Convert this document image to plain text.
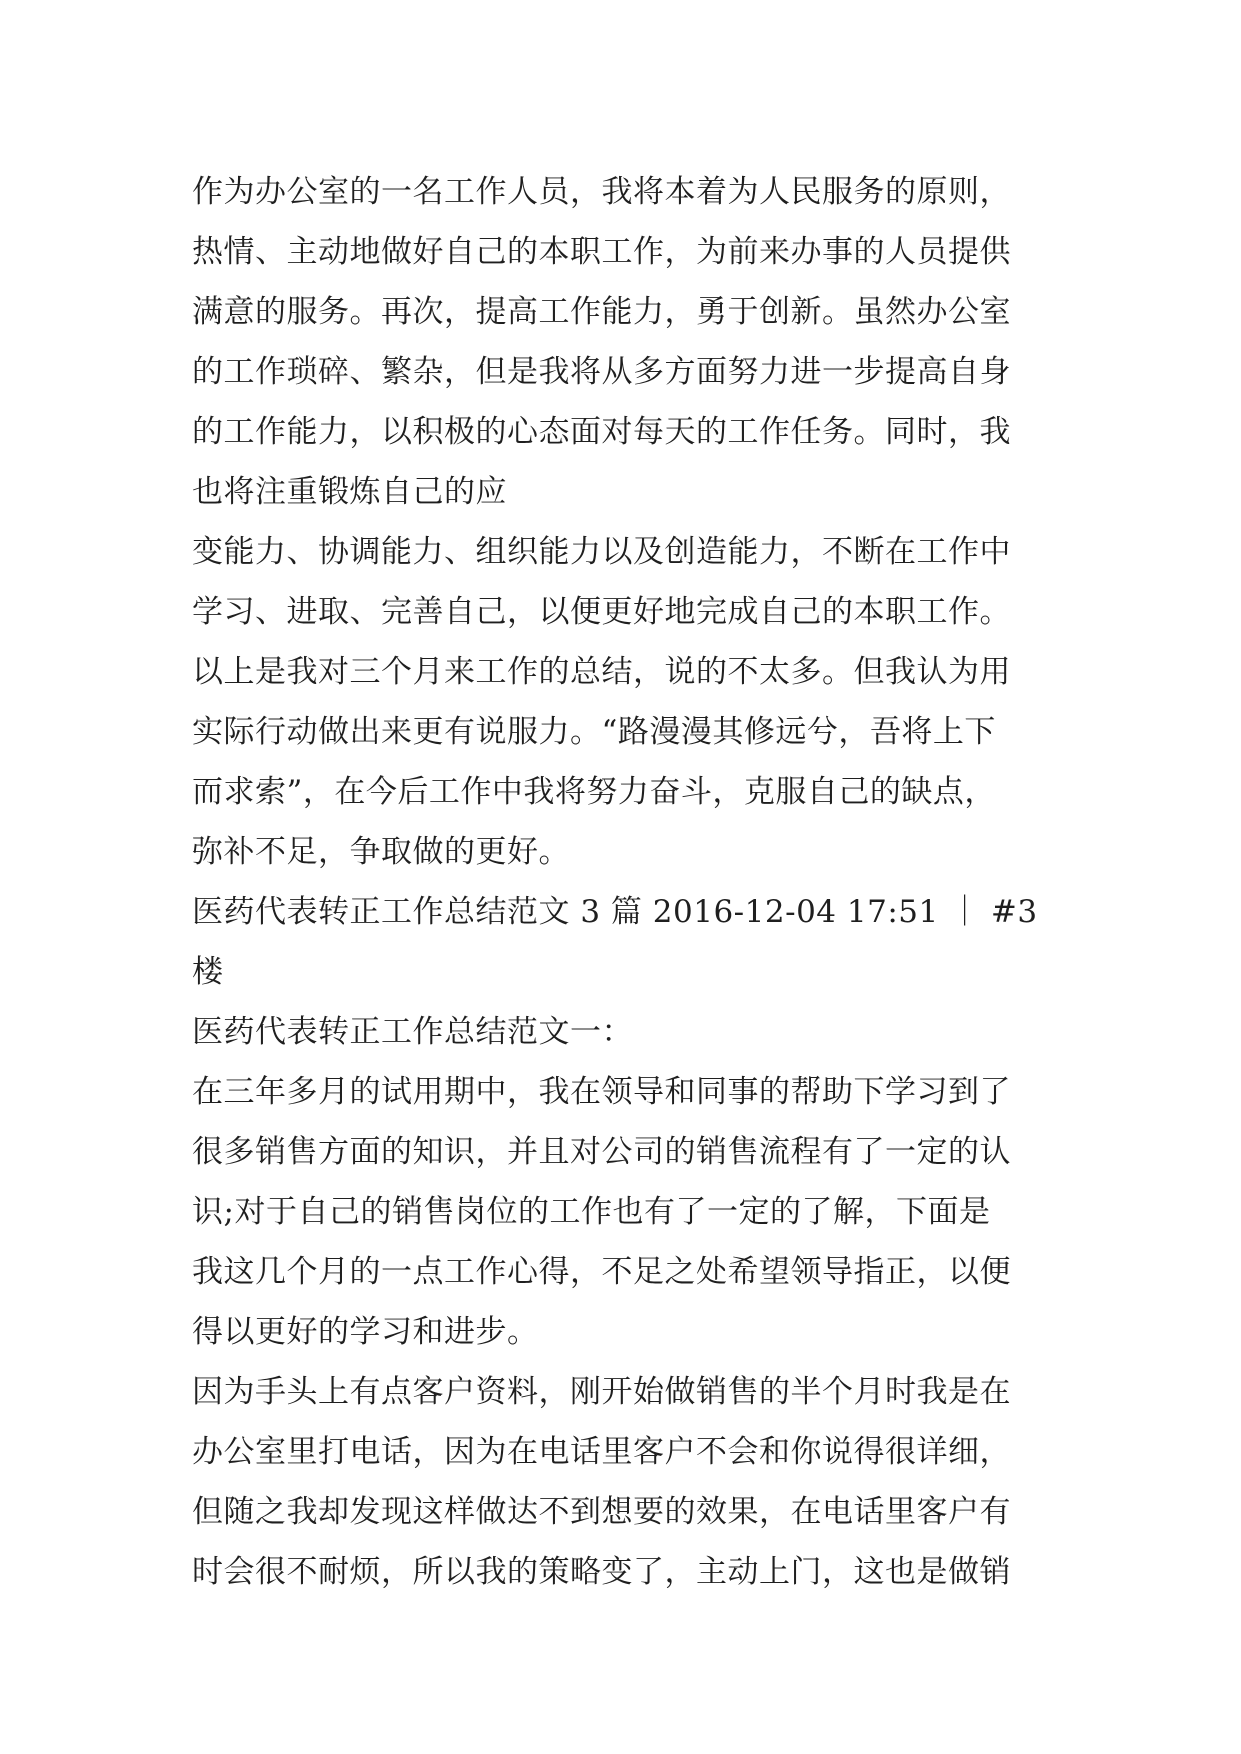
作为办公室的一名工作人员，我将本着为人民服务的原则，
热情、主动地做好自己的本职工作，为前来办事的人员提供
满意的服务。再次，提高工作能力，勇于创新。虽然办公室
的工作琐碎、繁杂，但是我将从多方面努力进一步提高自身
的工作能力，以积极的心态面对每天的工作任务。同时，我
也将注重锻炼自己的应
变能力、协调能力、组织能力以及创造能力，不断在工作中
学习、进取、完善自己，以便更好地完成自己的本职工作。
以上是我对三个月来工作的总结，说的不太多。但我认为用
实际行动做出来更有说服力。“路漫漫其修远兮，吾将上下
而求索”，在今后工作中我将努力奋斗，克服自己的缺点，
弥补不足，争取做的更好。
医药代表转正工作总结范文 3 篇 2016-12-04 17:51 ｜ #3
楼
医药代表转正工作总结范文一：
在三年多月的试用期中，我在领导和同事的帮助下学习到了
很多销售方面的知识，并且对公司的销售流程有了一定的认
识;对于自己的销售岗位的工作也有了一定的了解，下面是
我这几个月的一点工作心得，不足之处希望领导指正，以便
得以更好的学习和进步。
因为手头上有点客户资料，刚开始做销售的半个月时我是在
办公室里打电话，因为在电话里客户不会和你说得很详细，
但随之我却发现这样做达不到想要的效果，在电话里客户有
时会很不耐烦，所以我的策略变了，主动上门，这也是做销
